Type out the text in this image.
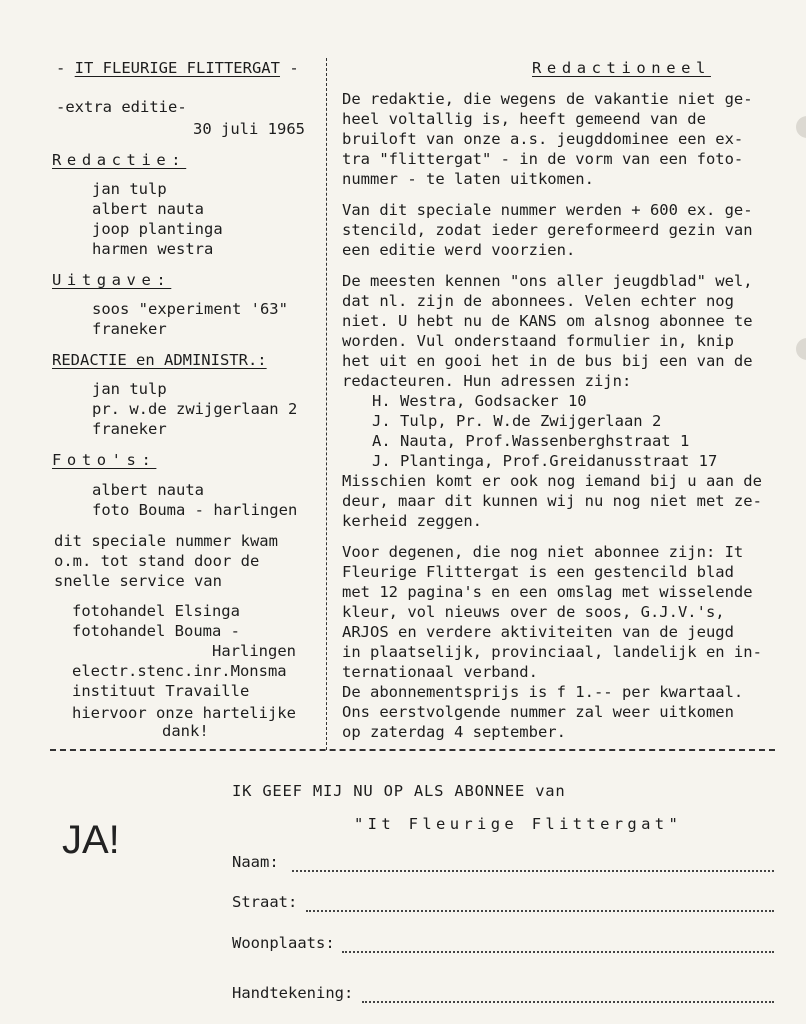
- IT FLEURIGE FLITTERGAT -
-extra editie-
30 juli 1965
Redactie:
jan tulp
albert nauta
joop plantinga
harmen westra
Uitgave:
soos "experiment '63"
franeker
REDACTIE en ADMINISTR.:
jan tulp
pr. w.de zwijgerlaan 2
franeker
Foto's:
albert nauta
foto Bouma - harlingen
dit speciale nummer kwam
o.m. tot stand door de
snelle service van
fotohandel Elsinga
fotohandel Bouma -
Harlingen
electr.stenc.inr.Monsma
instituut Travaille
hiervoor onze hartelijke
dank!
Redactioneel
De redaktie, die wegens de vakantie niet ge-
heel voltallig is, heeft gemeend van de
bruiloft van onze a.s. jeugddominee een ex-
tra "flittergat" - in de vorm van een foto-
nummer - te laten uitkomen.
Van dit speciale nummer werden + 600 ex. ge-
stencild, zodat ieder gereformeerd gezin van
een editie werd voorzien.
De meesten kennen "ons aller jeugdblad" wel,
dat nl. zijn de abonnees. Velen echter nog
niet. U hebt nu de KANS om alsnog abonnee te
worden. Vul onderstaand formulier in, knip
het uit en gooi het in de bus bij een van de
redacteuren. Hun adressen zijn:
H. Westra, Godsacker 10
J. Tulp, Pr. W.de Zwijgerlaan 2
A. Nauta, Prof.Wassenberghstraat 1
J. Plantinga, Prof.Greidanusstraat 17
Misschien komt er ook nog iemand bij u aan de
deur, maar dit kunnen wij nu nog niet met ze-
kerheid zeggen.
Voor degenen, die nog niet abonnee zijn: It
Fleurige Flittergat is een gestencild blad
met 12 pagina's en een omslag met wisselende
kleur, vol nieuws over de soos, G.J.V.'s,
ARJOS en verdere aktiviteiten van de jeugd
in plaatselijk, provinciaal, landelijk en in-
ternationaal verband.
De abonnementsprijs is f 1.-- per kwartaal.
Ons eerstvolgende nummer zal weer uitkomen
op zaterdag 4 september.
IK GEEF MIJ NU OP ALS ABONNEE van
"It Fleurige Flittergat"
JA!	Naam:
Straat:
Woonplaats:
Handtekening:
